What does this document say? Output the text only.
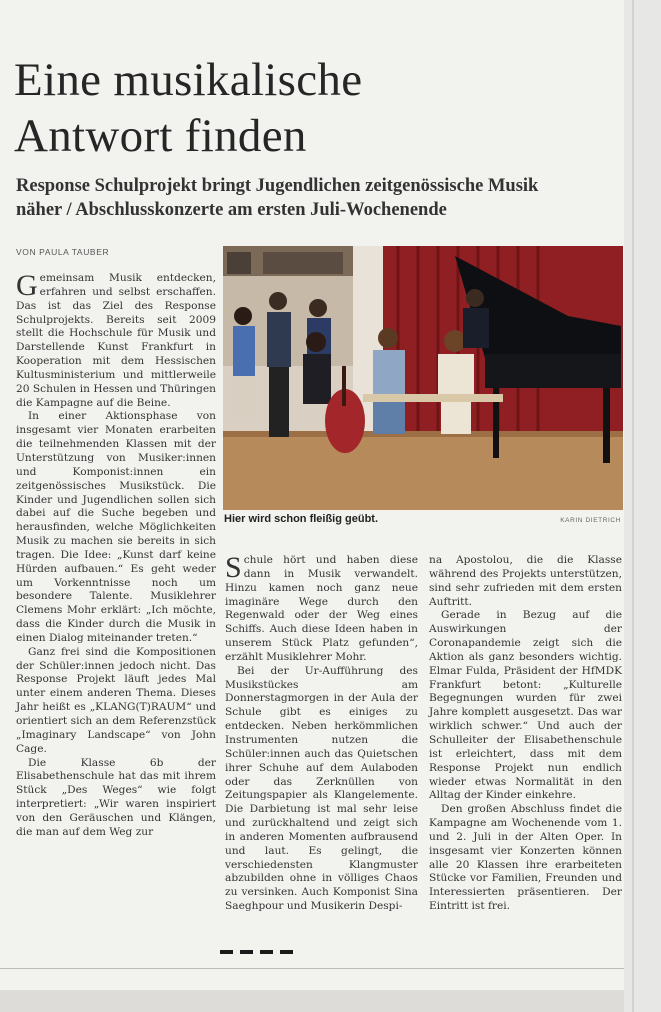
Eine musikalische
Antwort finden
Response Schulprojekt bringt Jugendlichen zeitgenössische Musik
näher / Abschlusskonzerte am ersten Juli-Wochenende
VON PAULA TAUBER

Gemeinsam Musik entdecken, erfahren und selbst erschaffen. Das ist das Ziel des Response Schulprojekts. Bereits seit 2009 stellt die Hochschule für Musik und Darstellende Kunst Frankfurt in Kooperation mit dem Hessischen Kultusministerium und mittlerweile 20 Schulen in Hessen und Thüringen die Kampagne auf die Beine.

In einer Aktionsphase von insgesamt vier Monaten erarbeiten die teilnehmenden Klassen mit der Unterstützung von Musiker:innen und Komponist:innen ein zeitgenössisches Musikstück. Die Kinder und Jugendlichen sollen sich dabei auf die Suche begeben und herausfinden, welche Möglichkeiten Musik zu machen sie bereits in sich tragen. Die Idee: „Kunst darf keine Hürden aufbauen.“ Es geht weder um Vorkenntnisse noch um besondere Talente. Musiklehrer Clemens Mohr erklärt: „Ich möchte, dass die Kinder durch die Musik in einen Dialog miteinander treten.“

Ganz frei sind die Kompositionen der Schüler:innen jedoch nicht. Das Response Projekt läuft jedes Mal unter einem anderen Thema. Dieses Jahr heißt es „KLANG(T)RAUM“ und orientiert sich an dem Referenzstück „Imaginary Landscape“ von John Cage.

Die Klasse 6b der Elisabethenschule hat das mit ihrem Stück „Des Weges“ wie folgt interpretiert: „Wir waren inspiriert von den Geräuschen und Klängen, die man auf dem Weg zur

Hier wird schon fleißig geübt.	KARIN DIETRICH

Schule hört und haben diese dann in Musik verwandelt. Hinzu kamen noch ganz neue imaginäre Wege durch den Regenwald oder der Weg eines Schiffs. Auch diese Ideen haben in unserem Stück Platz gefunden“, erzählt Musiklehrer Mohr.

Bei der Ur-Aufführung des Musikstückes am Donnerstagmorgen in der Aula der Schule gibt es einiges zu entdecken. Neben herkömmlichen Instrumenten nutzen die Schüler:innen auch das Quietschen ihrer Schuhe auf dem Aulaboden oder das Zerknüllen von Zeitungspapier als Klangelemente. Die Darbietung ist mal sehr leise und zurückhaltend und zeigt sich in anderen Momenten aufbrausend und laut. Es gelingt, die verschiedensten Klangmuster abzubilden ohne in völliges Chaos zu versinken. Auch Komponist Sina Saeghpour und Musikerin Despi-

na Apostolou, die die Klasse während des Projekts unterstützen, sind sehr zufrieden mit dem ersten Auftritt.

Gerade in Bezug auf die Auswirkungen der Coronapandemie zeigt sich die Aktion als ganz besonders wichtig. Elmar Fulda, Präsident der HfMDK Frankfurt betont: „Kulturelle Begegnungen wurden für zwei Jahre komplett ausgesetzt. Das war wirklich schwer.“ Und auch der Schulleiter der Elisabethenschule ist erleichtert, dass mit dem Response Projekt nun endlich wieder etwas Normalität in den Alltag der Kinder einkehre.

Den großen Abschluss findet die Kampagne am Wochenende vom 1. und 2. Juli in der Alten Oper. In insgesamt vier Konzerten können alle 20 Klassen ihre erarbeiteten Stücke vor Familien, Freunden und Interessierten präsentieren. Der Eintritt ist frei.
